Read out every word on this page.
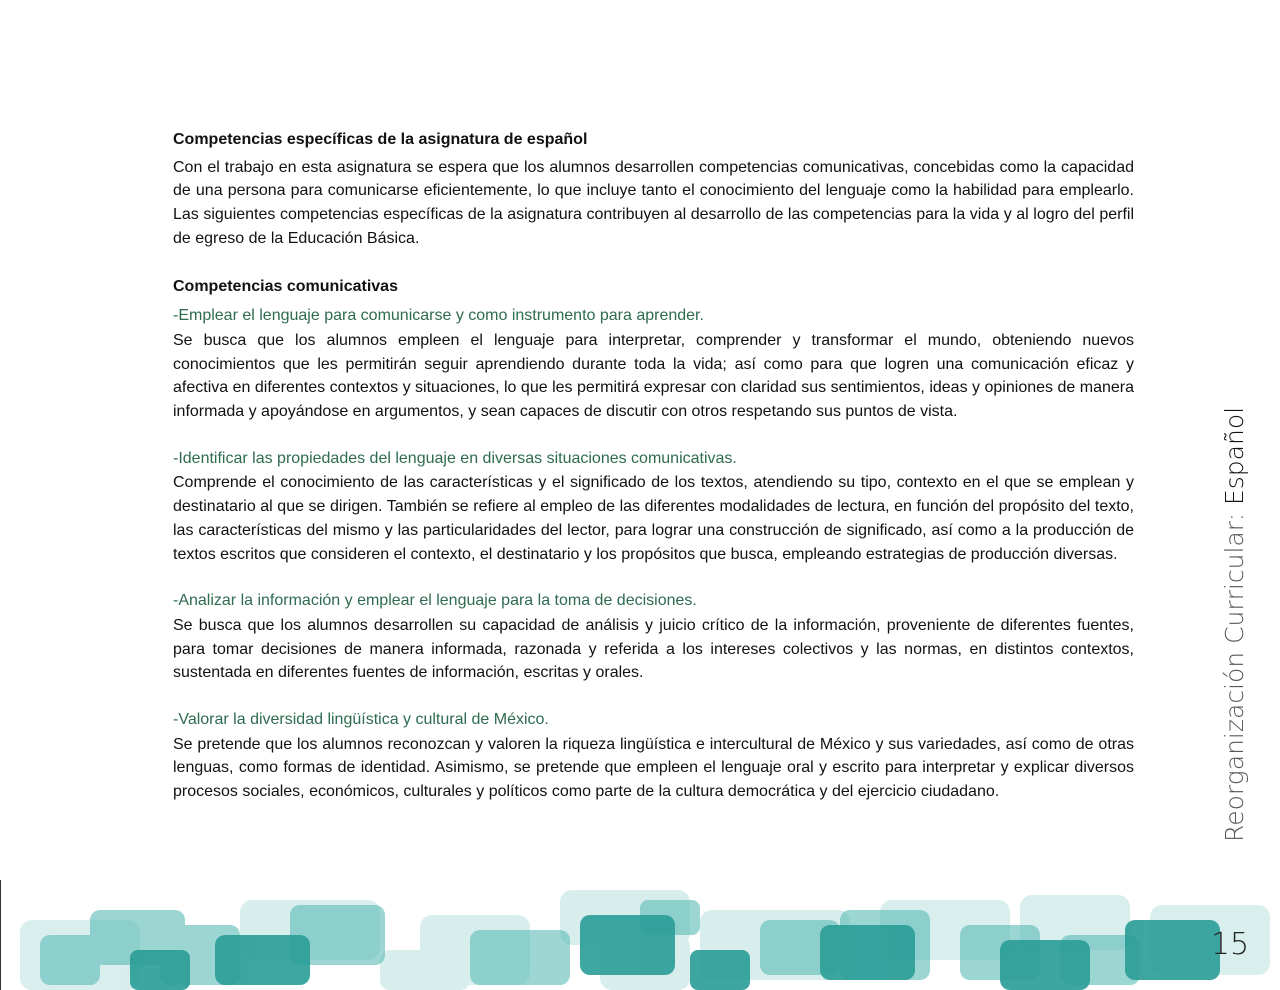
Competencias específicas de la asignatura de español

Con el trabajo en esta asignatura se espera que los alumnos desarrollen competencias comunicativas, concebidas como la capacidad de una persona para comunicarse eficientemente, lo que incluye tanto el conocimiento del lenguaje como la habilidad para emplearlo. Las siguientes competencias específicas de la asignatura contribuyen al desarrollo de las competencias para la vida y al logro del perfil de egreso de la Educación Básica.

Competencias comunicativas

-Emplear el lenguaje para comunicarse y como instrumento para aprender.

Se busca que los alumnos empleen el lenguaje para interpretar, comprender y transformar el mundo, obteniendo nuevos conocimientos que les permitirán seguir aprendiendo durante toda la vida; así como para que logren una comunicación eficaz y afectiva en diferentes contextos y situaciones, lo que les permitirá expresar con claridad sus sentimientos, ideas y opiniones de manera informada y apoyándose en argumentos, y sean capaces de discutir con otros respetando sus puntos de vista.

-Identificar las propiedades del lenguaje en diversas situaciones comunicativas.

Comprende el conocimiento de las características y el significado de los textos, atendiendo su tipo, contexto en el que se emplean y destinatario al que se dirigen. También se refiere al empleo de las diferentes modalidades de lectura, en función del propósito del texto, las características del mismo y las particularidades del lector, para lograr una construcción de significado, así como a la producción de textos escritos que consideren el contexto, el destinatario y los propósitos que busca, empleando estrategias de producción diversas.

-Analizar la información y emplear el lenguaje para la toma de decisiones.

Se busca que los alumnos desarrollen su capacidad de análisis y juicio crítico de la información, proveniente de diferentes fuentes, para tomar decisiones de manera informada, razonada y referida a los intereses colectivos y las normas, en distintos contextos, sustentada en diferentes fuentes de información, escritas y orales.

-Valorar la diversidad lingüística y cultural de México.

Se pretende que los alumnos reconozcan y valoren la riqueza lingüística e intercultural de México y sus variedades, así como de otras lenguas, como formas de identidad. Asimismo, se pretende que empleen el lenguaje oral y escrito para interpretar y explicar diversos procesos sociales, económicos, culturales y políticos como parte de la cultura democrática y del ejercicio ciudadano.	Reorganización Curricular: Español
15
